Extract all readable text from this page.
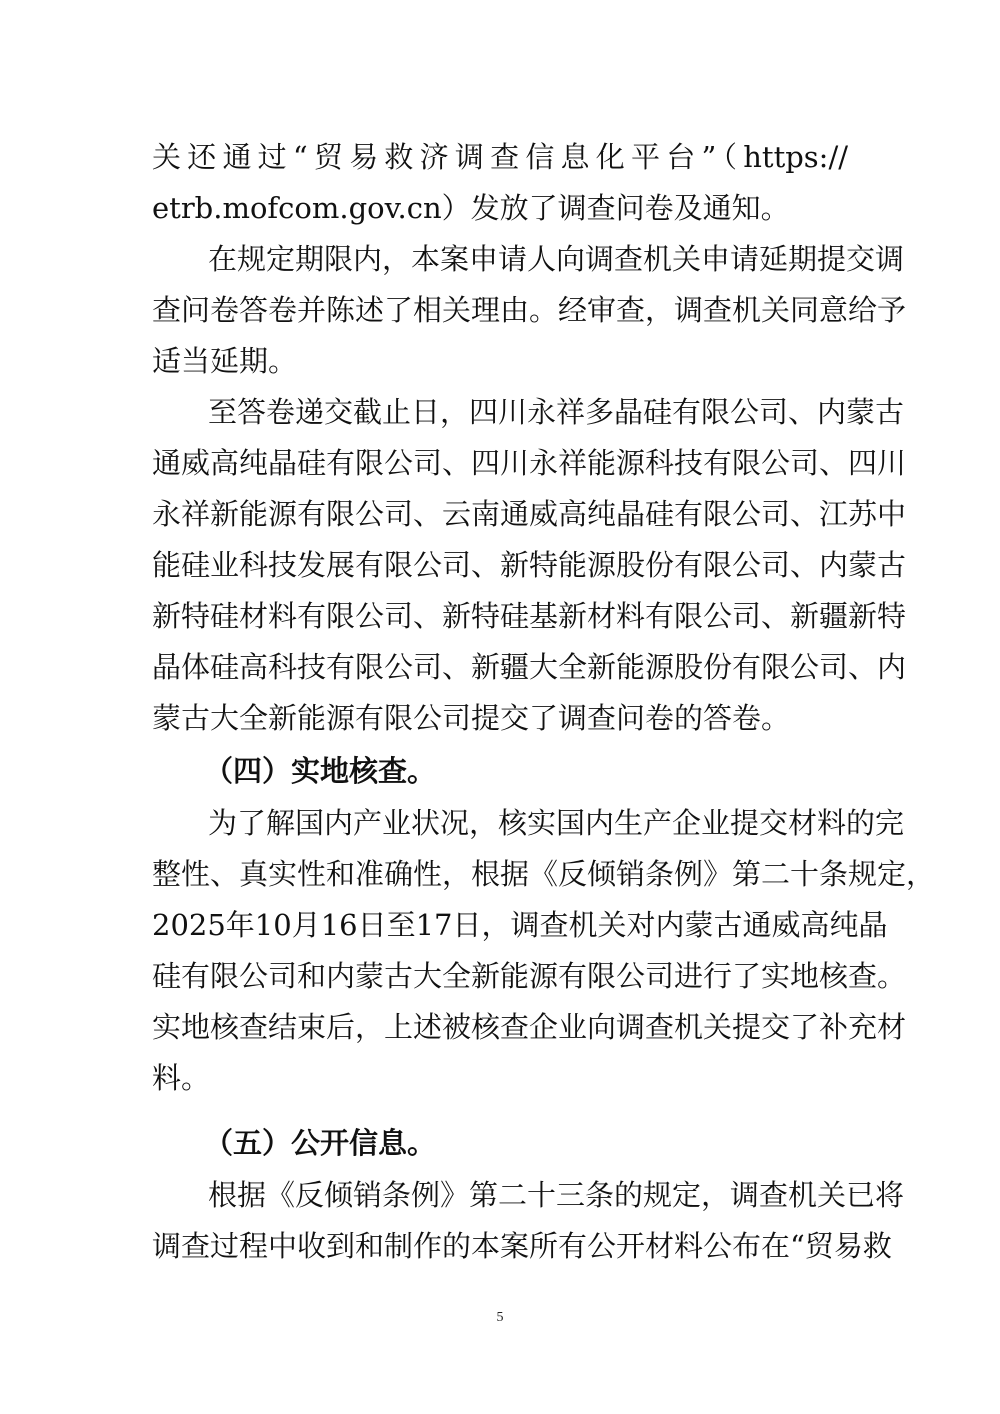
关还通过“贸易救济调查信息化平台”（https://
etrb.mofcom.gov.cn）发放了调查问卷及通知。
在规定期限内，本案申请人向调查机关申请延期提交调
查问卷答卷并陈述了相关理由。经审查，调查机关同意给予
适当延期。
至答卷递交截止日，四川永祥多晶硅有限公司、内蒙古
通威高纯晶硅有限公司、四川永祥能源科技有限公司、四川
永祥新能源有限公司、云南通威高纯晶硅有限公司、江苏中
能硅业科技发展有限公司、新特能源股份有限公司、内蒙古
新特硅材料有限公司、新特硅基新材料有限公司、新疆新特
晶体硅高科技有限公司、新疆大全新能源股份有限公司、内
蒙古大全新能源有限公司提交了调查问卷的答卷。
（四）实地核查。
为了解国内产业状况，核实国内生产企业提交材料的完
整性、真实性和准确性，根据《反倾销条例》第二十条规定，
2025年10月16日至17日，调查机关对内蒙古通威高纯晶
硅有限公司和内蒙古大全新能源有限公司进行了实地核查。
实地核查结束后，上述被核查企业向调查机关提交了补充材
料。
（五）公开信息。
根据《反倾销条例》第二十三条的规定，调查机关已将
调查过程中收到和制作的本案所有公开材料公布在“贸易救
5
